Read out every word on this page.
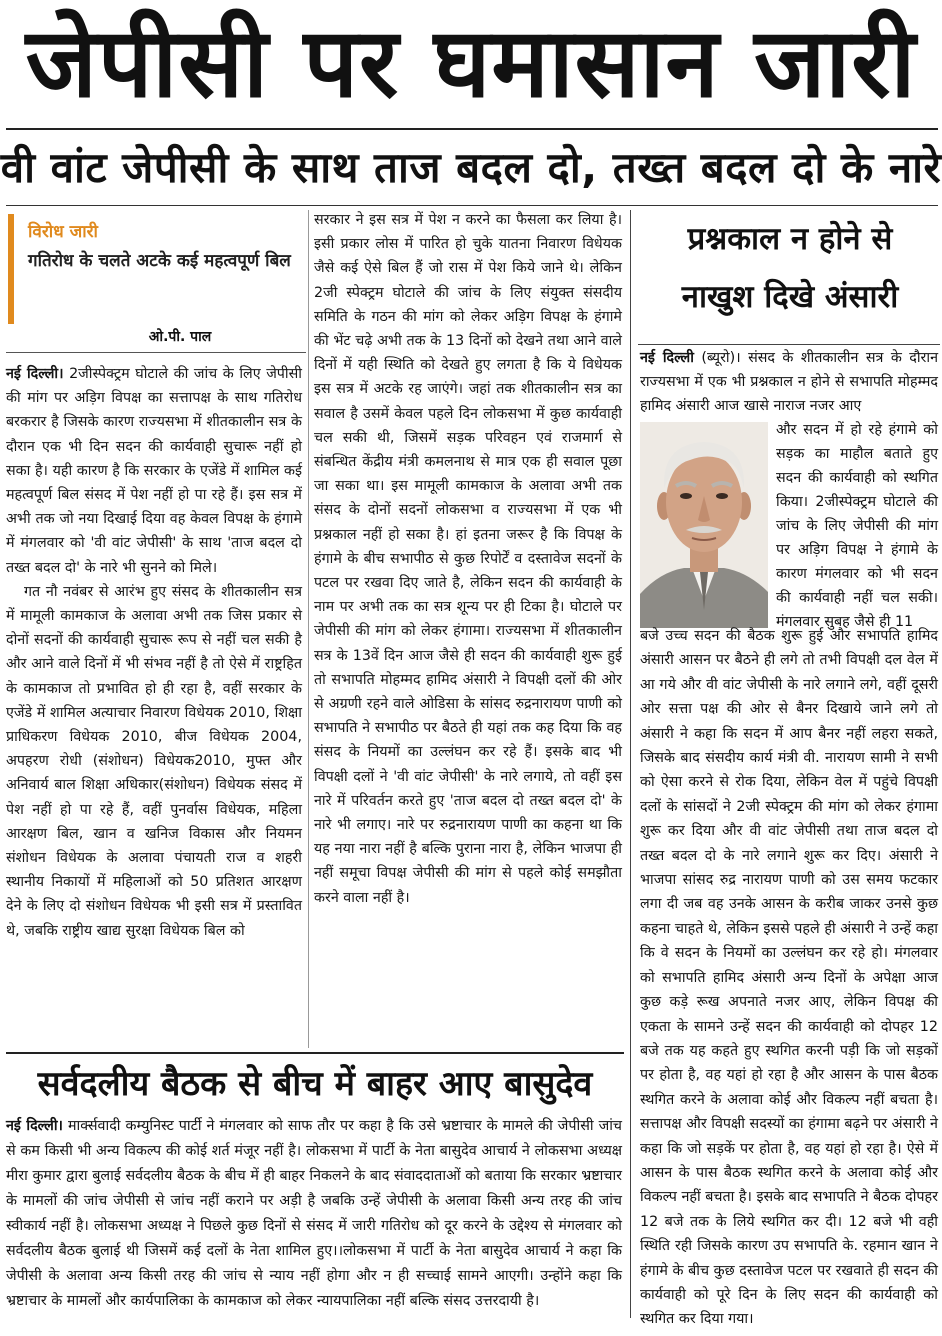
जेपीसी पर घमासान जारी
वी वांट जेपीसी के साथ ताज बदल दो, तख्त बदल दो के नारे
विरोध जारी
गतिरोध के चलते अटके कई महत्वपूर्ण बिल
ओ.पी. पाल

नई दिल्ली। 2जीस्पेक्ट्रम घोटाले की जांच के लिए जेपीसी की मांग पर अड़िग विपक्ष का सत्तापक्ष के साथ गतिरोध बरकरार है जिसके कारण राज्यसभा में शीतकालीन सत्र के दौरान एक भी दिन सदन की कार्यवाही सुचारू नहीं हो सका है। यही कारण है कि सरकार के एजेंडे में शामिल कई महत्वपूर्ण बिल संसद में पेश नहीं हो पा रहे हैं। इस सत्र में अभी तक जो नया दिखाई दिया वह केवल विपक्ष के हंगामे में मंगलवार को 'वी वांट जेपीसी' के साथ 'ताज बदल दो तख्त बदल दो' के नारे भी सुनने को मिले।

गत नौ नवंबर से आरंभ हुए संसद के शीतकालीन सत्र में मामूली कामकाज के अलावा अभी तक जिस प्रकार से दोनों सदनों की कार्यवाही सुचारू रूप से नहीं चल सकी है और आने वाले दिनों में भी संभव नहीं है तो ऐसे में राष्ट्रहित के कामकाज तो प्रभावित हो ही रहा है, वहीं सरकार के एजेंडे में शामिल अत्याचार निवारण विधेयक 2010, शिक्षा प्राधिकरण विधेयक 2010, बीज विधेयक 2004, अपहरण रोधी (संशोधन) विधेयक2010, मुफ्त और अनिवार्य बाल शिक्षा अधिकार(संशोधन) विधेयक संसद में पेश नहीं हो पा रहे हैं, वहीं पुनर्वास विधेयक, महिला आरक्षण बिल, खान व खनिज विकास और नियमन संशोधन विधेयक के अलावा पंचायती राज व शहरी स्थानीय निकायों में महिलाओं को 50 प्रतिशत आरक्षण देने के लिए दो संशोधन विधेयक भी इसी सत्र में प्रस्तावित थे, जबकि राष्ट्रीय खाद्य सुरक्षा विधेयक बिल को

सरकार ने इस सत्र में पेश न करने का फैसला कर लिया है। इसी प्रकार लोस में पारित हो चुके यातना निवारण विधेयक जैसे कई ऐसे बिल हैं जो रास में पेश किये जाने थे। लेकिन 2जी स्पेक्ट्रम घोटाले की जांच के लिए संयुक्त संसदीय समिति के गठन की मांग को लेकर अड़िग विपक्ष के हंगामे की भेंट चढ़े अभी तक के 13 दिनों को देखने तथा आने वाले दिनों में यही स्थिति को देखते हुए लगता है कि ये विधेयक इस सत्र में अटके रह जाएंगे। जहां तक शीतकालीन सत्र का सवाल है उसमें केवल पहले दिन लोकसभा में कुछ कार्यवाही चल सकी थी, जिसमें सड़क परिवहन एवं राजमार्ग से संबन्धित केंद्रीय मंत्री कमलनाथ से मात्र एक ही सवाल पूछा जा सका था। इस मामूली कामकाज के अलावा अभी तक संसद के दोनों सदनों लोकसभा व राज्यसभा में एक भी प्रश्नकाल नहीं हो सका है। हां इतना जरूर है कि विपक्ष के हंगामे के बीच सभापीठ से कुछ रिपोर्टें व दस्तावेज सदनों के पटल पर रखवा दिए जाते है, लेकिन सदन की कार्यवाही के नाम पर अभी तक का सत्र शून्य पर ही टिका है। घोटाले पर जेपीसी की मांग को लेकर हंगामा। राज्यसभा में शीतकालीन सत्र के 13वें दिन आज जैसे ही सदन की कार्यवाही शुरू हुई तो सभापति मोहम्मद हामिद अंसारी ने विपक्षी दलों की ओर से अग्रणी रहने वाले ओडिसा के सांसद रुद्रनारायण पाणी को सभापति ने सभापीठ पर बैठते ही यहां तक कह दिया कि वह संसद के नियमों का उल्लंघन कर रहे हैं। इसके बाद भी विपक्षी दलों ने 'वी वांट जेपीसी' के नारे लगाये, तो वहीं इस नारे में परिवर्तन करते हुए 'ताज बदल दो तख्त बदल दो' के नारे भी लगाए। नारे पर रुद्रनारायण पाणी का कहना था कि यह नया नारा नहीं है बल्कि पुराना नारा है, लेकिन भाजपा ही नहीं समूचा विपक्ष जेपीसी की मांग से पहले कोई समझौता करने वाला नहीं है।

प्रश्नकाल न होने से
नाखुश दिखे अंसारी
नई दिल्ली (ब्यूरो)। संसद के शीतकालीन सत्र के दौरान राज्यसभा में एक भी प्रश्नकाल न होने से सभापति मोहम्मद हामिद अंसारी आज खासे नाराज नजर आए
और सदन में हो रहे हंगामे को सड़क का माहौल बताते हुए सदन की कार्यवाही को स्थगित किया। 2जीस्पेक्ट्रम घोटाले की जांच के लिए जेपीसी की मांग पर अड़िग विपक्ष ने हंगामे के कारण मंगलवार को भी सदन की कार्यवाही नहीं चल सकी। मंगलवार सुबह जैसे ही 11
बजे उच्च सदन की बैठक शुरू हुई और सभापति हामिद अंसारी आसन पर बैठने ही लगे तो तभी विपक्षी दल वेल में आ गये और वी वांट जेपीसी के नारे लगाने लगे, वहीं दूसरी ओर सत्ता पक्ष की ओर से बैनर दिखाये जाने लगे तो अंसारी ने कहा कि सदन में आप बैनर नहीं लहरा सकते, जिसके बाद संसदीय कार्य मंत्री वी. नारायण सामी ने सभी को ऐसा करने से रोक दिया, लेकिन वेल में पहुंचे विपक्षी दलों के सांसदों ने 2जी स्पेक्ट्रम की मांग को लेकर हंगामा शुरू कर दिया और वी वांट जेपीसी तथा ताज बदल दो तख्त बदल दो के नारे लगाने शुरू कर दिए। अंसारी ने भाजपा सांसद रुद्र नारायण पाणी को उस समय फटकार लगा दी जब वह उनके आसन के करीब जाकर उनसे कुछ कहना चाहते थे, लेकिन इससे पहले ही अंसारी ने उन्हें कहा कि वे सदन के नियमों का उल्लंघन कर रहे हो। मंगलवार को सभापति हामिद अंसारी अन्य दिनों के अपेक्षा आज कुछ कड़े रूख अपनाते नजर आए, लेकिन विपक्ष की एकता के सामने उन्हें सदन की कार्यवाही को दोपहर 12 बजे तक यह कहते हुए स्थगित करनी पड़ी कि जो सड़कों पर होता है, वह यहां हो रहा है और आसन के पास बैठक स्थगित करने के अलावा कोई और विकल्प नहीं बचता है। सत्तापक्ष और विपक्षी सदस्यों का हंगामा बढ़ने पर अंसारी ने कहा कि जो सड़कें पर होता है, वह यहां हो रहा है। ऐसे में आसन के पास बैठक स्थगित करने के अलावा कोई और विकल्प नहीं बचता है। इसके बाद सभापति ने बैठक दोपहर 12 बजे तक के लिये स्थगित कर दी। 12 बजे भी वही स्थिति रही जिसके कारण उप सभापति के. रहमान खान ने हंगामे के बीच कुछ दस्तावेज पटल पर रखवाते ही सदन की कार्यवाही को पूरे दिन के लिए सदन की कार्यवाही को स्थगित कर दिया गया।
सर्वदलीय बैठक से बीच में बाहर आए बासुदेव
नई दिल्ली। मार्क्सवादी कम्युनिस्ट पार्टी ने मंगलवार को साफ तौर पर कहा है कि उसे भ्रष्टाचार के मामले की जेपीसी जांच से कम किसी भी अन्य विकल्प की कोई शर्त मंजूर नहीं है। लोकसभा में पार्टी के नेता बासुदेव आचार्य ने लोकसभा अध्यक्ष मीरा कुमार द्वारा बुलाई सर्वदलीय बैठक के बीच में ही बाहर निकलने के बाद संवाददाताओं को बताया कि सरकार भ्रष्टाचार के मामलों की जांच जेपीसी से जांच नहीं कराने पर अड़ी है जबकि उन्हें जेपीसी के अलावा किसी अन्य तरह की जांच स्वीकार्य नहीं है। लोकसभा अध्यक्ष ने पिछले कुछ दिनों से संसद में जारी गतिरोध को दूर करने के उद्देश्य से मंगलवार को सर्वदलीय बैठक बुलाई थी जिसमें कई दलों के नेता शामिल हुए।।लोकसभा में पार्टी के नेता बासुदेव आचार्य ने कहा कि जेपीसी के अलावा अन्य किसी तरह की जांच से न्याय नहीं होगा और न ही सच्चाई सामने आएगी। उन्होंने कहा कि भ्रष्टाचार के मामलों और कार्यपालिका के कामकाज को लेकर न्यायपालिका नहीं बल्कि संसद उत्तरदायी है।
